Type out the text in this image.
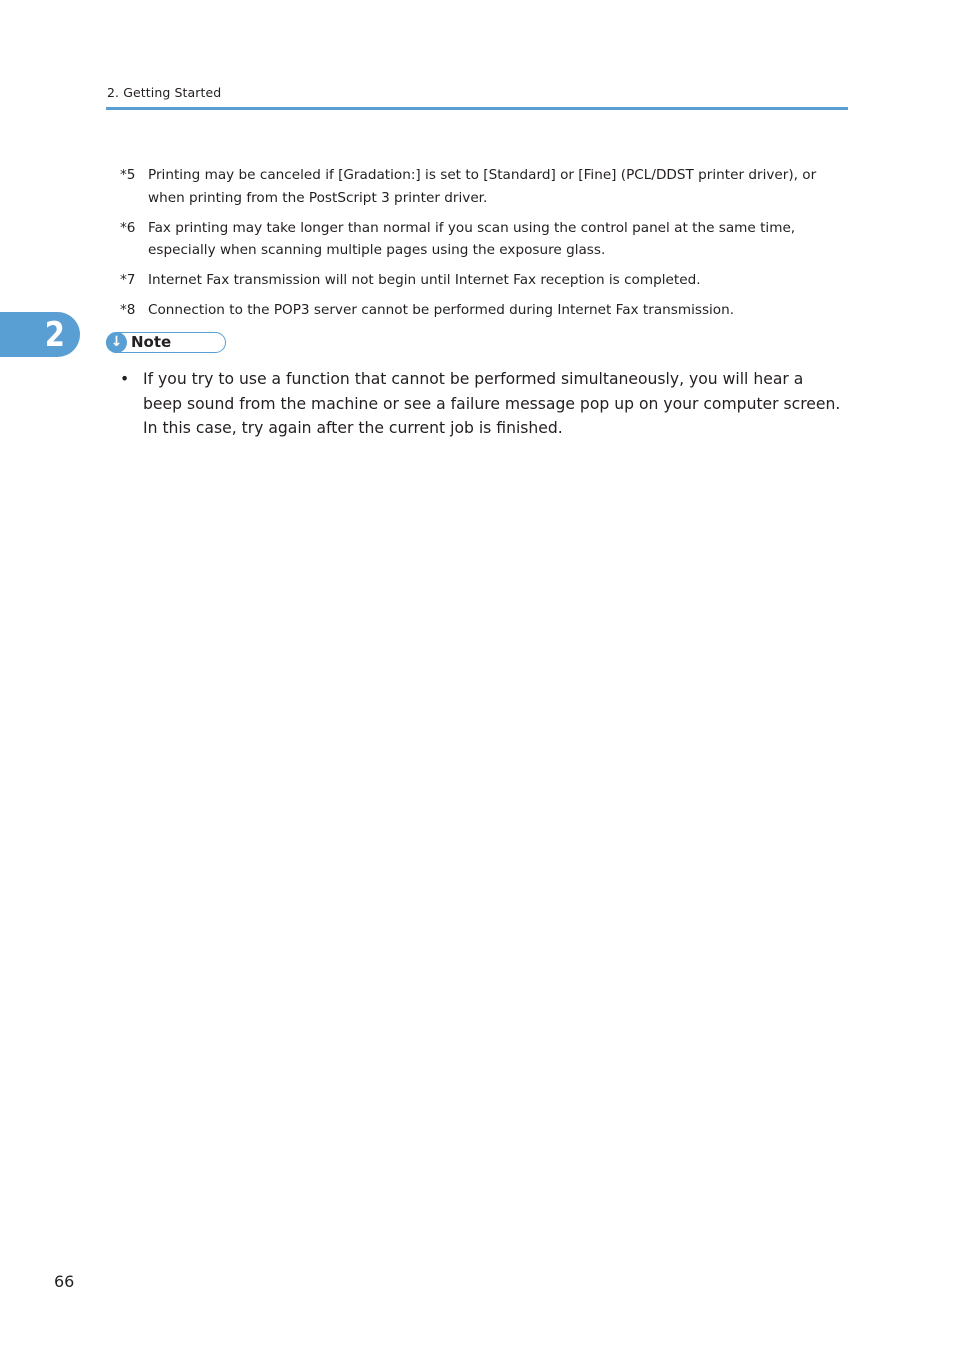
2. Getting Started
*5 Printing may be canceled if [Gradation:] is set to [Standard] or [Fine] (PCL/DDST printer driver), or when printing from the PostScript 3 printer driver.
*6 Fax printing may take longer than normal if you scan using the control panel at the same time, especially when scanning multiple pages using the exposure glass.
*7 Internet Fax transmission will not begin until Internet Fax reception is completed.
*8 Connection to the POP3 server cannot be performed during Internet Fax transmission.
2	↓ Note
• If you try to use a function that cannot be performed simultaneously, you will hear a beep sound from the machine or see a failure message pop up on your computer screen. In this case, try again after the current job is finished.
66
